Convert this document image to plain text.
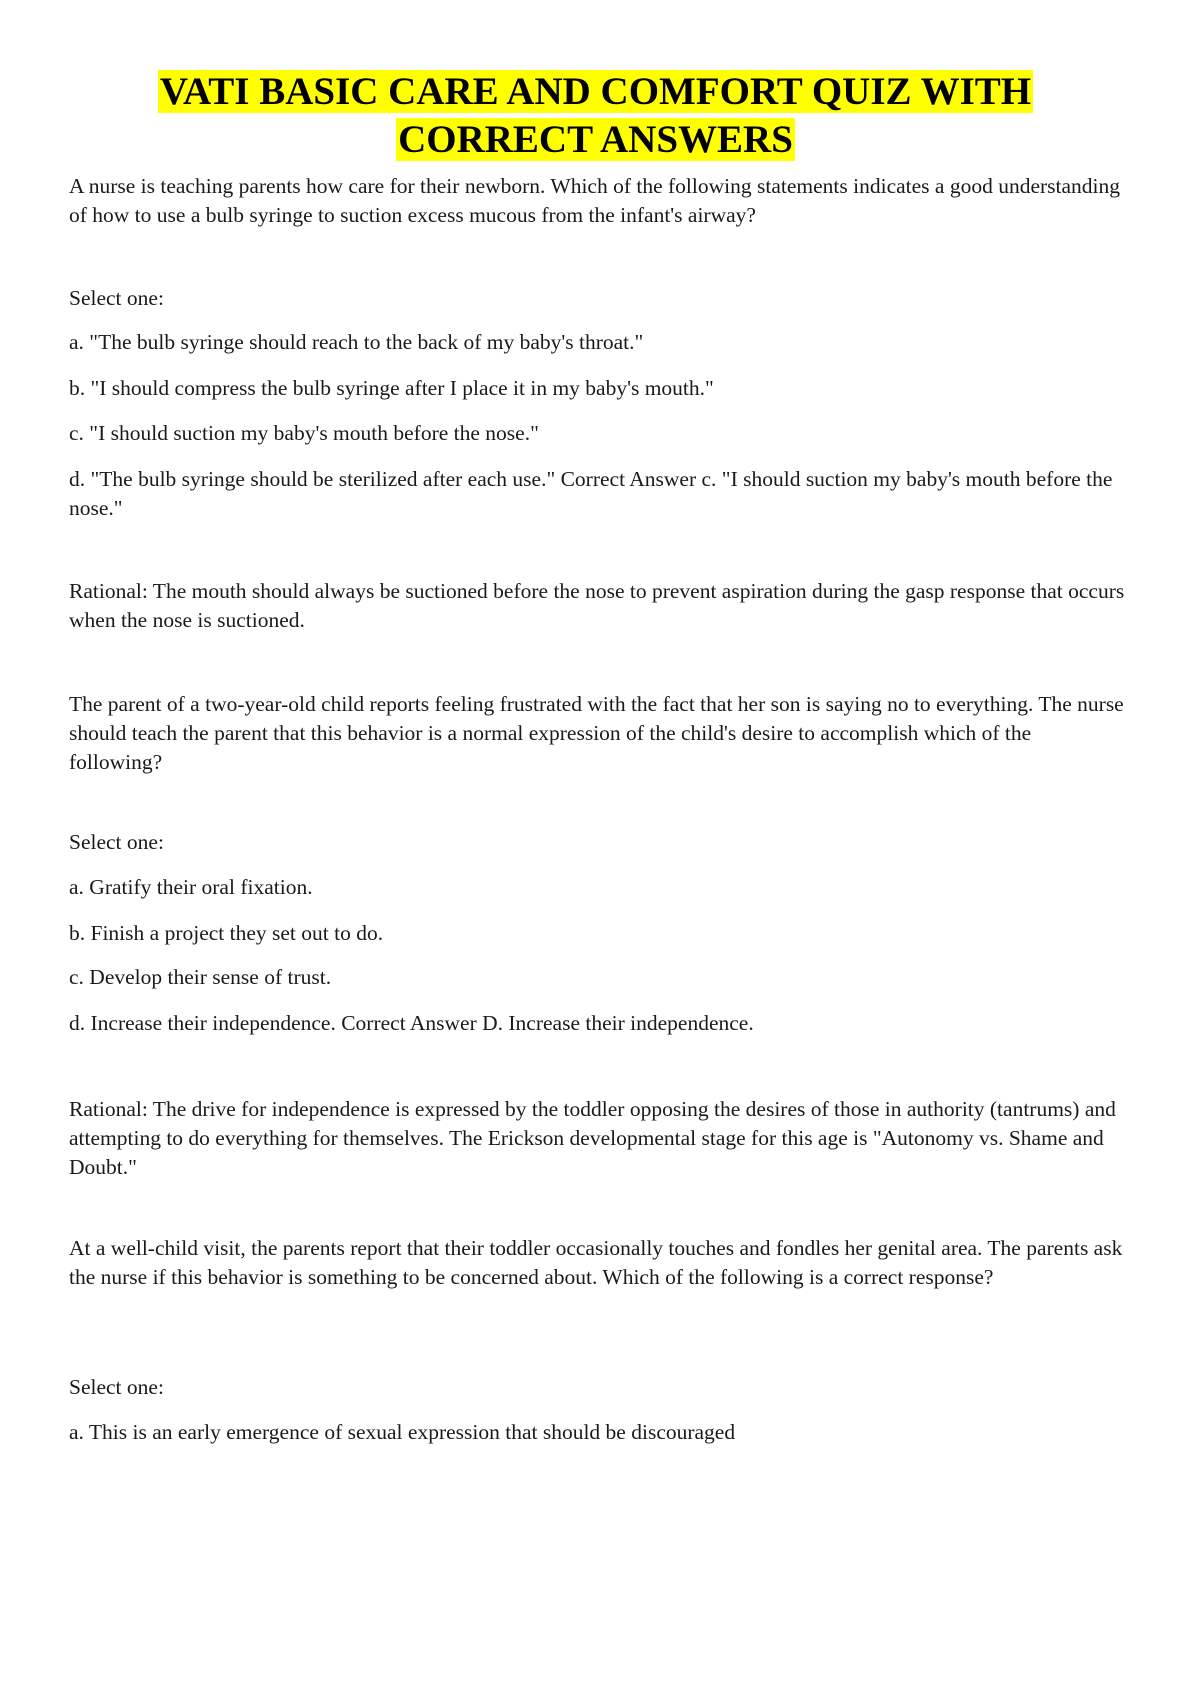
VATI BASIC CARE AND COMFORT QUIZ WITH
CORRECT ANSWERS

A nurse is teaching parents how care for their newborn. Which of the following statements indicates a good understanding of how to use a bulb syringe to suction excess mucous from the infant's airway?

Select one:

a. "The bulb syringe should reach to the back of my baby's throat."

b. "I should compress the bulb syringe after I place it in my baby's mouth."

c. "I should suction my baby's mouth before the nose."

d. "The bulb syringe should be sterilized after each use." Correct Answer c. "I should suction my baby's mouth before the nose."

Rational: The mouth should always be suctioned before the nose to prevent aspiration during the gasp response that occurs when the nose is suctioned.

The parent of a two-year-old child reports feeling frustrated with the fact that her son is saying no to everything. The nurse should teach the parent that this behavior is a normal expression of the child's desire to accomplish which of the following?

Select one:

a. Gratify their oral fixation.

b. Finish a project they set out to do.

c. Develop their sense of trust.

d. Increase their independence. Correct Answer D. Increase their independence.

Rational: The drive for independence is expressed by the toddler opposing the desires of those in authority (tantrums) and attempting to do everything for themselves. The Erickson developmental stage for this age is "Autonomy vs. Shame and Doubt."

At a well-child visit, the parents report that their toddler occasionally touches and fondles her genital area. The parents ask the nurse if this behavior is something to be concerned about. Which of the following is a correct response?

Select one:

a. This is an early emergence of sexual expression that should be discouraged
